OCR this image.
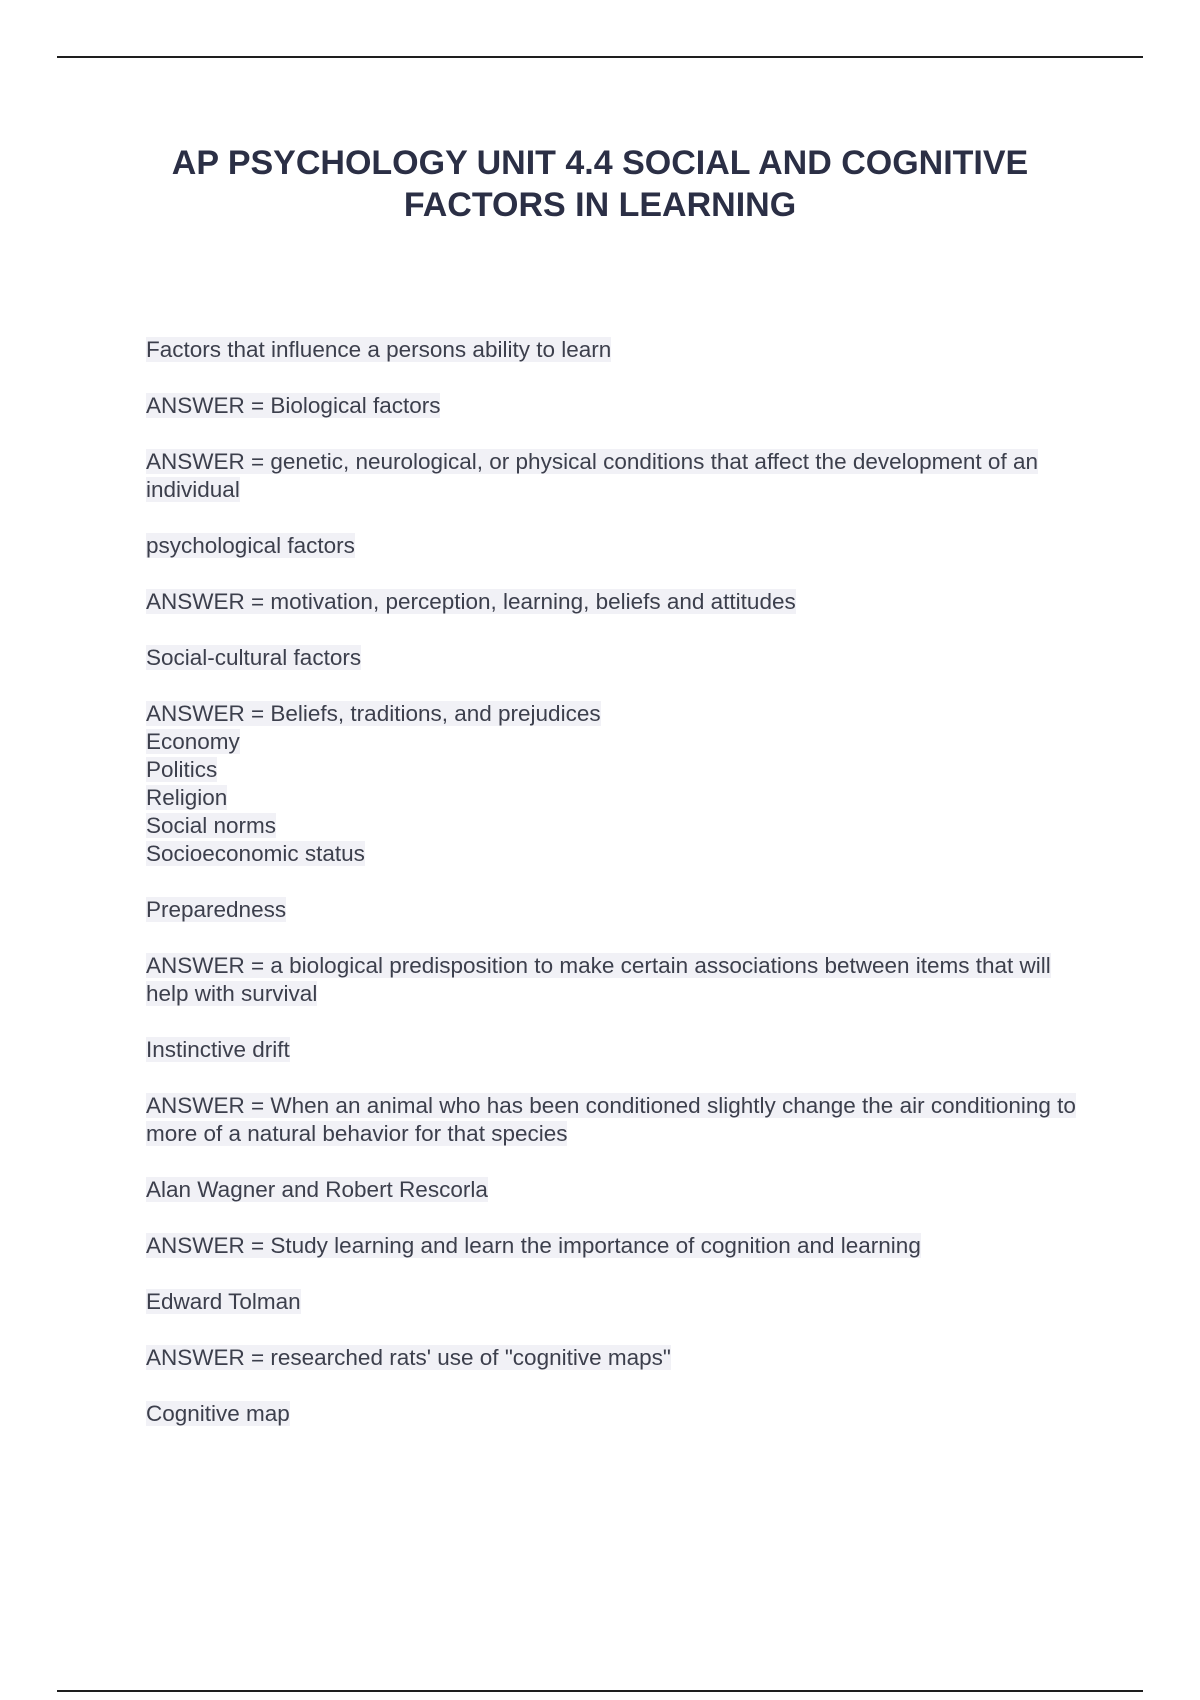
AP PSYCHOLOGY UNIT 4.4 SOCIAL AND COGNITIVE
FACTORS IN LEARNING

Factors that influence a persons ability to learn

ANSWER = Biological factors

ANSWER = genetic, neurological, or physical conditions that affect the development of an individual

psychological factors

ANSWER = motivation, perception, learning, beliefs and attitudes

Social-cultural factors

ANSWER = Beliefs, traditions, and prejudices
Economy
Politics
Religion
Social norms
Socioeconomic status

Preparedness

ANSWER = a biological predisposition to make certain associations between items that will help with survival

Instinctive drift

ANSWER = When an animal who has been conditioned slightly change the air conditioning to more of a natural behavior for that species

Alan Wagner and Robert Rescorla

ANSWER = Study learning and learn the importance of cognition and learning

Edward Tolman

ANSWER = researched rats' use of "cognitive maps"

Cognitive map
